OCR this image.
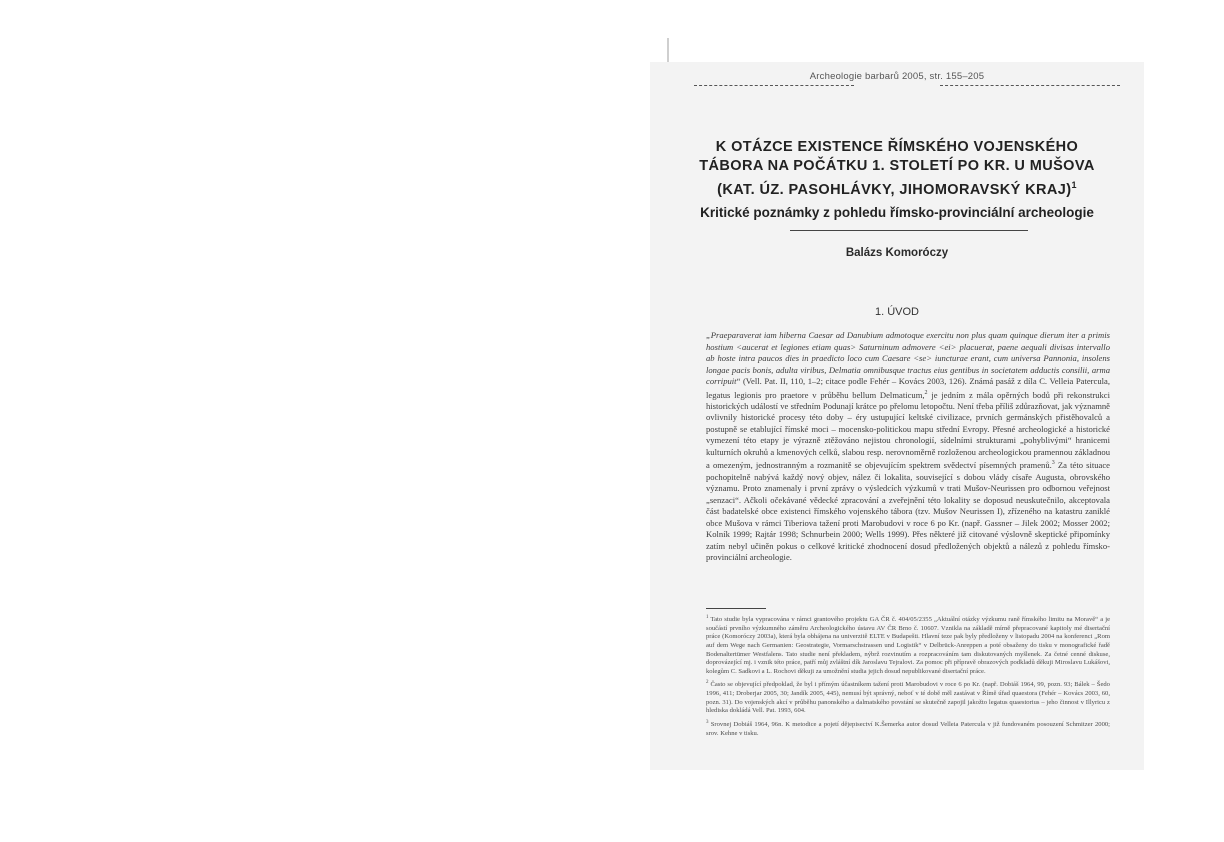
Archeologie barbarů 2005, str. 155–205
K OTÁZCE EXISTENCE ŘÍMSKÉHO VOJENSKÉHO
TÁBORA NA POČÁTKU 1. STOLETÍ PO KR. U MUŠOVA
(KAT. ÚZ. PASOHLÁVKY, JIHOMORAVSKÝ KRAJ)$^1$
Kritické poznámky z pohledu římsko-provinciální archeologie
Balázs Komoróczy
1. ÚVOD

„Praeparaverat iam hiberna Caesar ad Danubium admotoque exercitu non plus quam quinque dierum iter a primis hostium <aucerat et legiones etiam quas> Saturninum admovere <ei> placuerat, paene aequali divisas intervallo ab hoste intra paucos dies in praedicto loco cum Caesare <se> iuncturae erant, cum universa Pannonia, insolens longae pacis bonis, adulta viribus, Delmatia omnibusque tractus eius gentibus in societatem adductis consilii, arma corripuit“ (Vell. Pat. II, 110, 1–2; citace podle Fehér – Kovács 2003, 126). Známá pasáž z díla C. Velleia Patercula, legatus legionis pro praetore v průběhu bellum Delmaticum,$^2$ je jedním z mála opěrných bodů při rekonstrukci historických událostí ve středním Podunají krátce po přelomu letopočtu. Není třeba příliš zdůrazňovat, jak významně ovlivnily historické procesy této doby – éry ustupující keltské civilizace, prvních germánských přistěhovalců a postupně se etablující římské moci – mocensko-politickou mapu střední Evropy. Přesné archeologické a historické vymezení této etapy je výrazně ztěžováno nejistou chronologií, sídelními strukturami „pohyblivými“ hranicemi kulturních okruhů a kmenových celků, slabou resp. nerovnoměrně rozloženou archeologickou pramennou základnou a omezeným, jednostranným a rozmanitě se objevujícím spektrem svědectví písemných pramenů.$^3$ Za této situace pochopitelně nabývá každý nový objev, nález či lokalita, související s dobou vlády císaře Augusta, obrovského významu. Proto znamenaly i první zprávy o výsledcích výzkumů v trati Mušov-Neurissen pro odbornou veřejnost „senzaci“. Ačkoli očekávané vědecké zpracování a zveřejnění této lokality se doposud neuskutečnilo, akceptovala část badatelské obce existenci římského vojenského tábora (tzv. Mušov Neurissen I), zřízeného na katastru zaniklé obce Mušova v rámci Tiberiova tažení proti Marobudovi v roce 6 po Kr. (např. Gassner – Jilek 2002; Mosser 2002; Kolník 1999; Rajtár 1998; Schnurbein 2000; Wells 1999). Přes některé již citované výslovně skeptické připomínky zatím nebyl učiněn pokus o celkové kritické zhodnocení dosud předložených objektů a nálezů z pohledu římsko-provinciální archeologie.

$^1$ Tato studie byla vypracována v rámci grantového projektu GA ČR č. 404/05/2355 „Aktuální otázky výzkumu raně římského limitu na Moravě“ a je součástí prvního výzkumného záměru Archeologického ústavu AV ČR Brno č. 10607. Vznikla na základě mírně přepracované kapitoly mé disertační práce (Komoróczy 2003a), která byla obhájena na univerzitě ELTE v Budapešti. Hlavní teze pak byly předloženy v listopadu 2004 na konferenci „Rom auf dem Wege nach Germanien: Geostrategie, Vormarschstrassen und Logistik“ v Delbrück-Anreppen a poté obsaženy do tisku v monografické řadě Bodenaltertümer Westfalens. Tato studie není překladem, nýbrž rozvinutím a rozpracováním tam diskutovaných myšlenek. Za četné cenné diskuse, doprovázející mj. i vznik této práce, patří můj zvláštní dík Jaroslavu Tejralovi. Za pomoc při přípravě obrazových podkladů děkuji Miroslavu Lukášovi, kolegům C. Sadkovi a L. Rochovi děkuji za umožnění studia jejich dosud nepublikované disertační práce.

$^2$ Často se objevující předpoklad, že byl i přímým účastníkem tažení proti Marobudovi v roce 6 po Kr. (např. Dobiáš 1964, 99, pozn. 93; Bálek – Šedo 1996, 411; Droberjar 2005, 30; Jandík 2005, 445), nemusí být správný, neboť v té době měl zastávat v Římě úřad quaestora (Fehér – Kovács 2003, 60, pozn. 31). Do vojenských akcí v průběhu panonského a dalmatského povstání se skutečně zapojil jakožto legatus quaestorius – jeho činnost v Illyricu z hlediska dokládá Vell. Pat. 1993, 604.

$^3$ Srovnej Dobiáš 1964, 96n. K metodice a pojetí dějepisectví K.Šemerka autor dosud Velleia Patercula v již fundovaném posouzení Schmitzer 2000; srov. Kehne v tisku.
